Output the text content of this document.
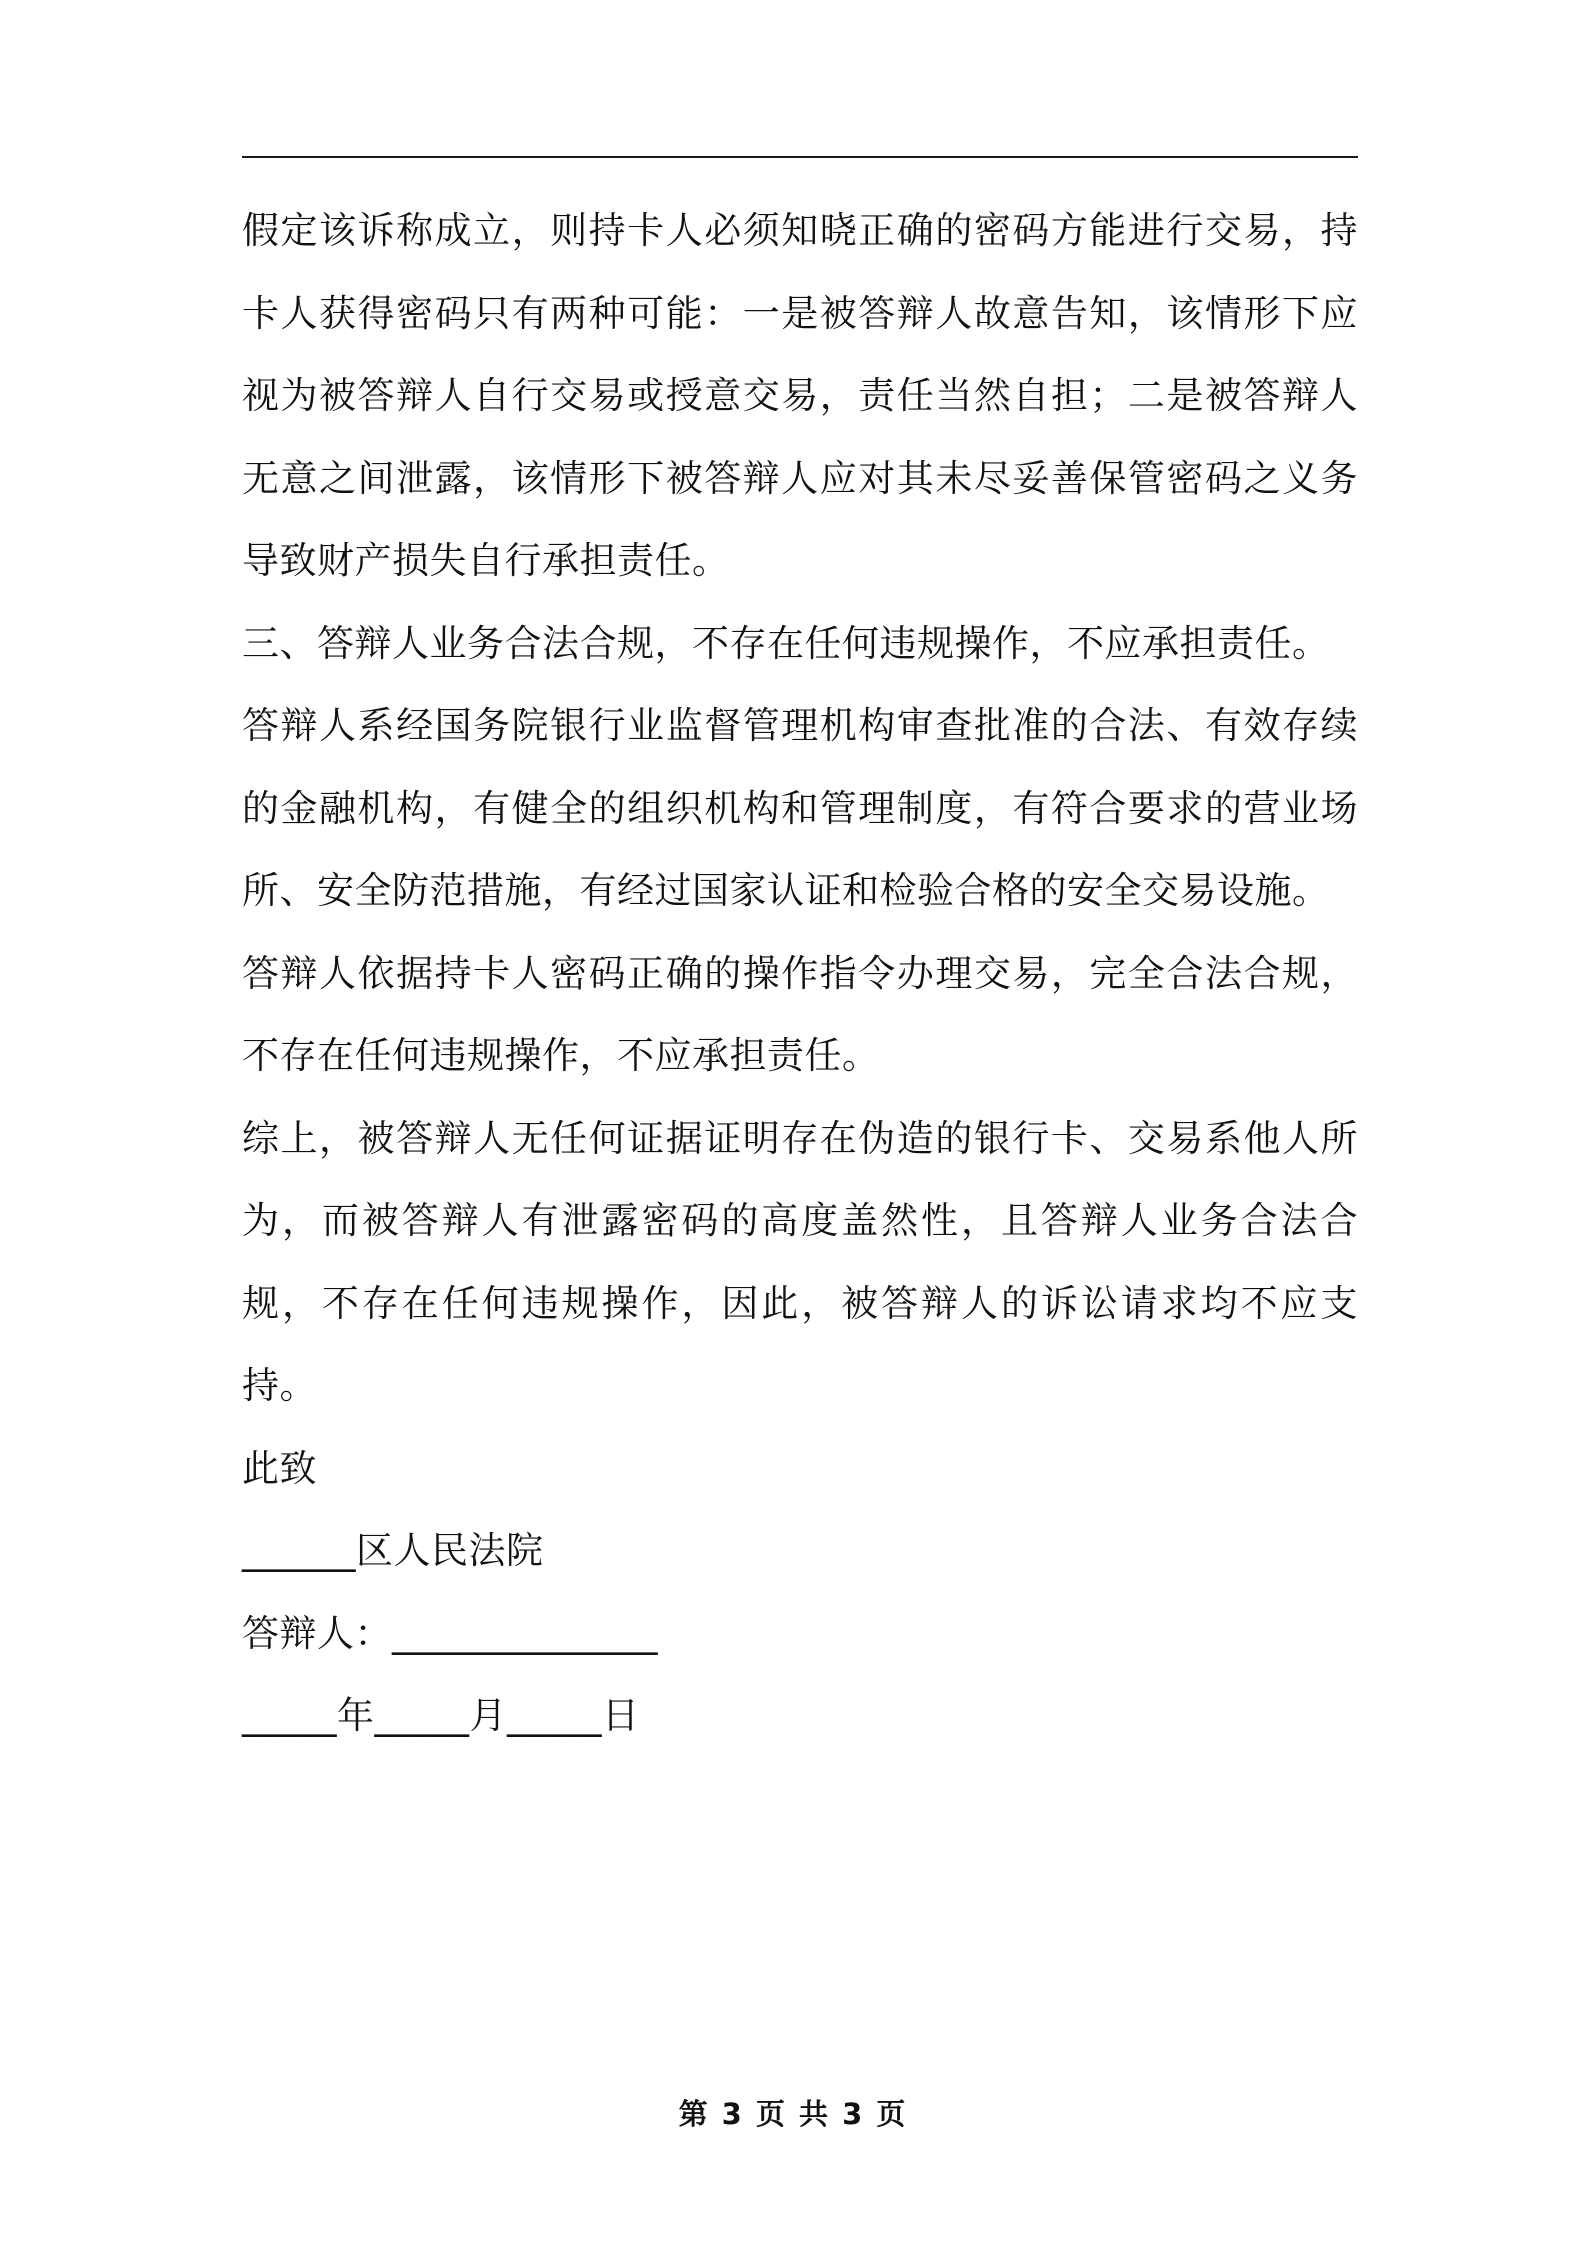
假定该诉称成立，则持卡人必须知晓正确的密码方能进行交易，持卡人获得密码只有两种可能：一是被答辩人故意告知，该情形下应视为被答辩人自行交易或授意交易，责任当然自担；二是被答辩人无意之间泄露，该情形下被答辩人应对其未尽妥善保管密码之义务导致财产损失自行承担责任。

三、答辩人业务合法合规，不存在任何违规操作，不应承担责任。

答辩人系经国务院银行业监督管理机构审查批准的合法、有效存续的金融机构，有健全的组织机构和管理制度，有符合要求的营业场所、安全防范措施，有经过国家认证和检验合格的安全交易设施。

答辩人依据持卡人密码正确的操作指令办理交易，完全合法合规，不存在任何违规操作，不应承担责任。

综上，被答辩人无任何证据证明存在伪造的银行卡、交易系他人所为，而被答辩人有泄露密码的高度盖然性，且答辩人业务合法合规，不存在任何违规操作，因此，被答辩人的诉讼请求均不应支持。

此致

______区人民法院

答辩人：______________

_____年_____月_____日

第 3 页 共 3 页
